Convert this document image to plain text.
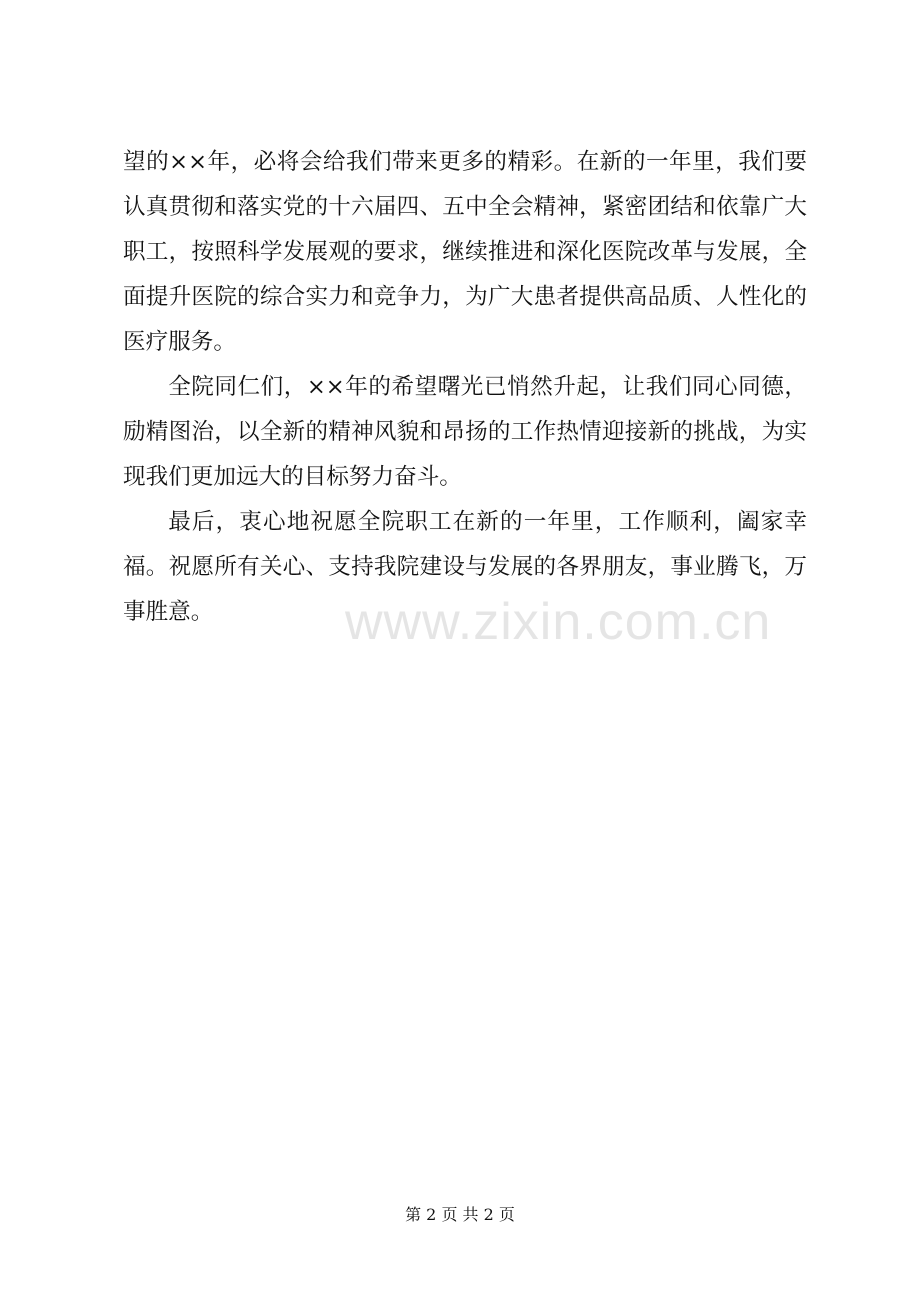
望的××年，必将会给我们带来更多的精彩。在新的一年里，我们要认真贯彻和落实党的十六届四、五中全会精神，紧密团结和依靠广大职工，按照科学发展观的要求，继续推进和深化医院改革与发展，全面提升医院的综合实力和竞争力，为广大患者提供高品质、人性化的医疗服务。

全院同仁们，××年的希望曙光已悄然升起，让我们同心同德，励精图治，以全新的精神风貌和昂扬的工作热情迎接新的挑战，为实现我们更加远大的目标努力奋斗。

最后，衷心地祝愿全院职工在新的一年里，工作顺利，阖家幸福。祝愿所有关心、支持我院建设与发展的各界朋友，事业腾飞，万事胜意。	www.zixin.com.cn
第 2 页 共 2 页
